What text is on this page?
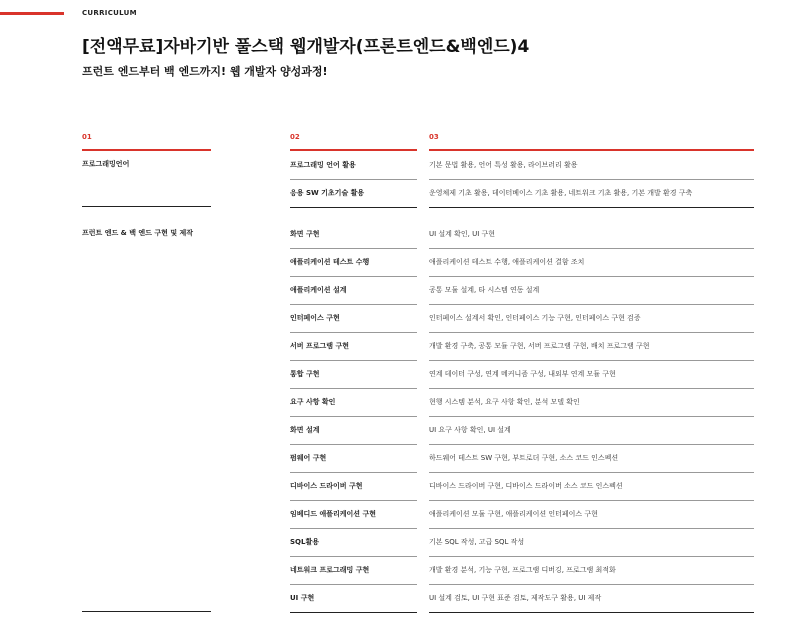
CURRICULUM
[전액무료]자바기반 풀스택 웹개발자(프론트엔드&백엔드)4
프런트 엔드부터 백 엔드까지! 웹 개발자 양성과정!
01	02	03
프로그래밍 언어 활용	기본 문법 활용, 언어 특성 활용, 라이브러리 활용
응용 SW 기초기술 활용	운영체제 기초 활용, 데이터베이스 기초 활용, 네트워크 기초 활용, 기본 개발 환경 구축
프로그래밍언어
화면 구현	UI 설계 확인, UI 구현
애플리케이션 테스트 수행	애플리케이션 테스트 수행, 애플리케이션 결함 조치
애플리케이션 설계	공통 모듈 설계, 타 시스템 연동 설계
인터페이스 구현	인터페이스 설계서 확인, 인터페이스 기능 구현, 인터페이스 구현 검증
서버 프로그램 구현	개발 환경 구축, 공통 모듈 구현, 서버 프로그램 구현, 배치 프로그램 구현
통합 구현	연계 데이터 구성, 연계 메커니즘 구성, 내외부 연계 모듈 구현
요구 사항 확인	현행 시스템 분석, 요구 사항 확인, 분석 모델 확인
화면 설계	UI 요구 사항 확인, UI 설계
펌웨어 구현	하드웨어 테스트 SW 구현, 부트로더 구현, 소스 코드 인스펙션
디바이스 드라이버 구현	디바이스 드라이버 구현, 디바이스 드라이버 소스 코드 인스펙션
임베디드 애플리케이션 구현	애플리케이션 모듈 구현, 애플리케이션 인터페이스 구현
SQL활용	기본 SQL 작성, 고급 SQL 작성
네트워크 프로그래밍 구현	개발 환경 분석, 기능 구현, 프로그램 디버깅, 프로그램 최적화
UI 구현	UI 설계 검토, UI 구현 표준 검토, 제작도구 활용, UI 제작
프런트 엔드 & 백 엔드 구현 및 제작
